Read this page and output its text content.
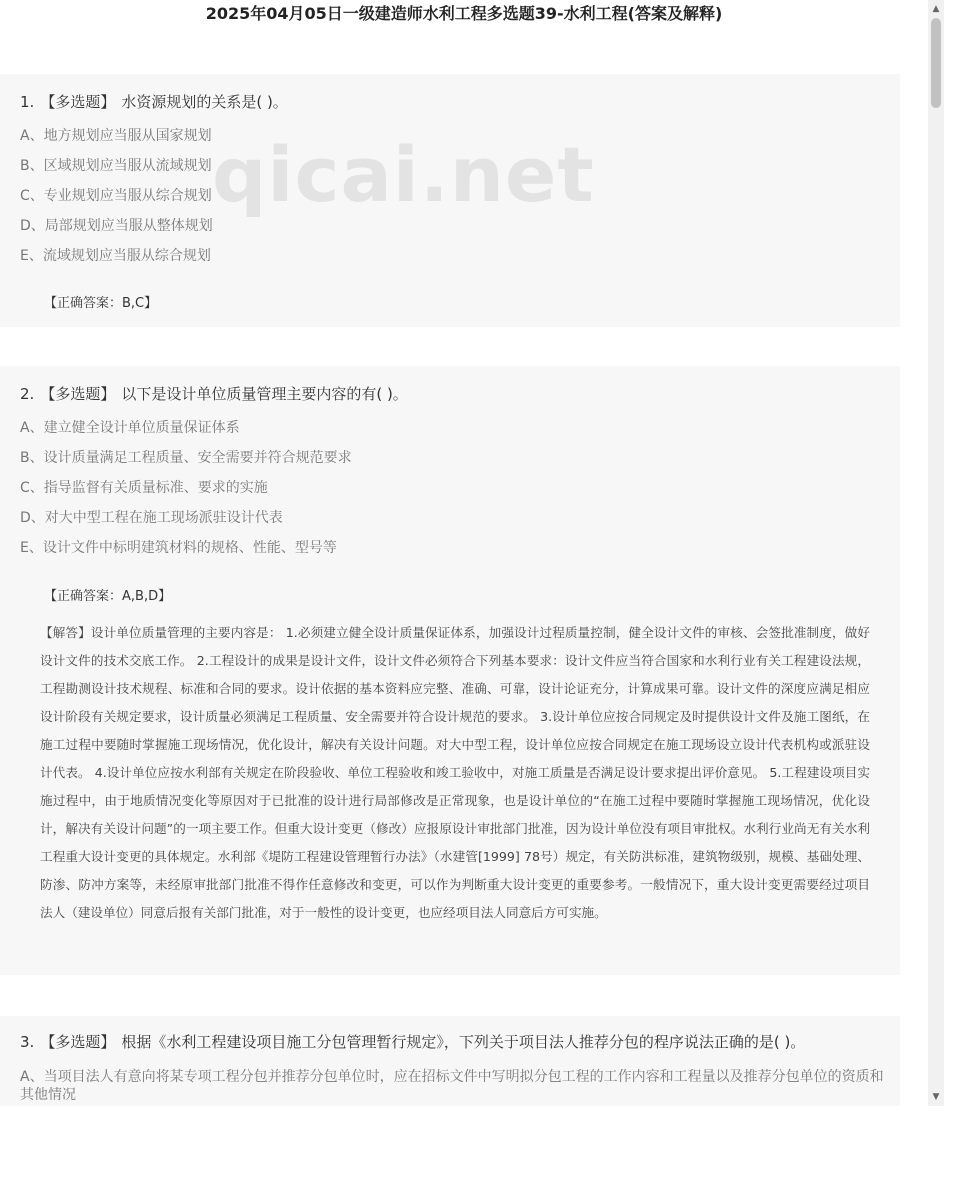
2025年04月05日一级建造师水利工程多选题39-水利工程(答案及解释)
qicai.net
1. 【多选题】 水资源规划的关系是( )。
A、地方规划应当服从国家规划
B、区域规划应当服从流域规划
C、专业规划应当服从综合规划
D、局部规划应当服从整体规划
E、流域规划应当服从综合规划
【正确答案：B,C】
2. 【多选题】 以下是设计单位质量管理主要内容的有( )。
A、建立健全设计单位质量保证体系
B、设计质量满足工程质量、安全需要并符合规范要求
C、指导监督有关质量标准、要求的实施
D、对大中型工程在施工现场派驻设计代表
E、设计文件中标明建筑材料的规格、性能、型号等
【正确答案：A,B,D】
【解答】设计单位质量管理的主要内容是： 1.必须建立健全设计质量保证体系，加强设计过程质量控制，健全设计文件的审核、会签批准制度，做好设计文件的技术交底工作。 2.工程设计的成果是设计文件，设计文件必须符合下列基本要求：设计文件应当符合国家和水利行业有关工程建设法规，工程勘测设计技术规程、标准和合同的要求。设计依据的基本资料应完整、准确、可靠，设计论证充分，计算成果可靠。设计文件的深度应满足相应设计阶段有关规定要求，设计质量必须满足工程质量、安全需要并符合设计规范的要求。 3.设计单位应按合同规定及时提供设计文件及施工图纸，在施工过程中要随时掌握施工现场情况，优化设计，解决有关设计问题。对大中型工程，设计单位应按合同规定在施工现场设立设计代表机构或派驻设计代表。 4.设计单位应按水利部有关规定在阶段验收、单位工程验收和竣工验收中，对施工质量是否满足设计要求提出评价意见。 5.工程建设项目实施过程中，由于地质情况变化等原因对于已批准的设计进行局部修改是正常现象，也是设计单位的“在施工过程中要随时掌握施工现场情况，优化设计，解决有关设计问题”的一项主要工作。但重大设计变更（修改）应报原设计审批部门批准，因为设计单位没有项目审批权。水利行业尚无有关水利工程重大设计变更的具体规定。水利部《堤防工程建设管理暂行办法》（水建管[1999] 78号）规定，有关防洪标准，建筑物级别，规模、基础处理、防渗、防冲方案等，未经原审批部门批准不得作任意修改和变更，可以作为判断重大设计变更的重要参考。一般情况下，重大设计变更需要经过项目法人（建设单位）同意后报有关部门批准，对于一般性的设计变更，也应经项目法人同意后方可实施。
3. 【多选题】 根据《水利工程建设项目施工分包管理暂行规定》，下列关于项目法人推荐分包的程序说法正确的是( )。
A、当项目法人有意向将某专项工程分包并推荐分包单位时，应在招标文件中写明拟分包工程的工作内容和工程量以及推荐分包单位的资质和其他情况
▲
▼
